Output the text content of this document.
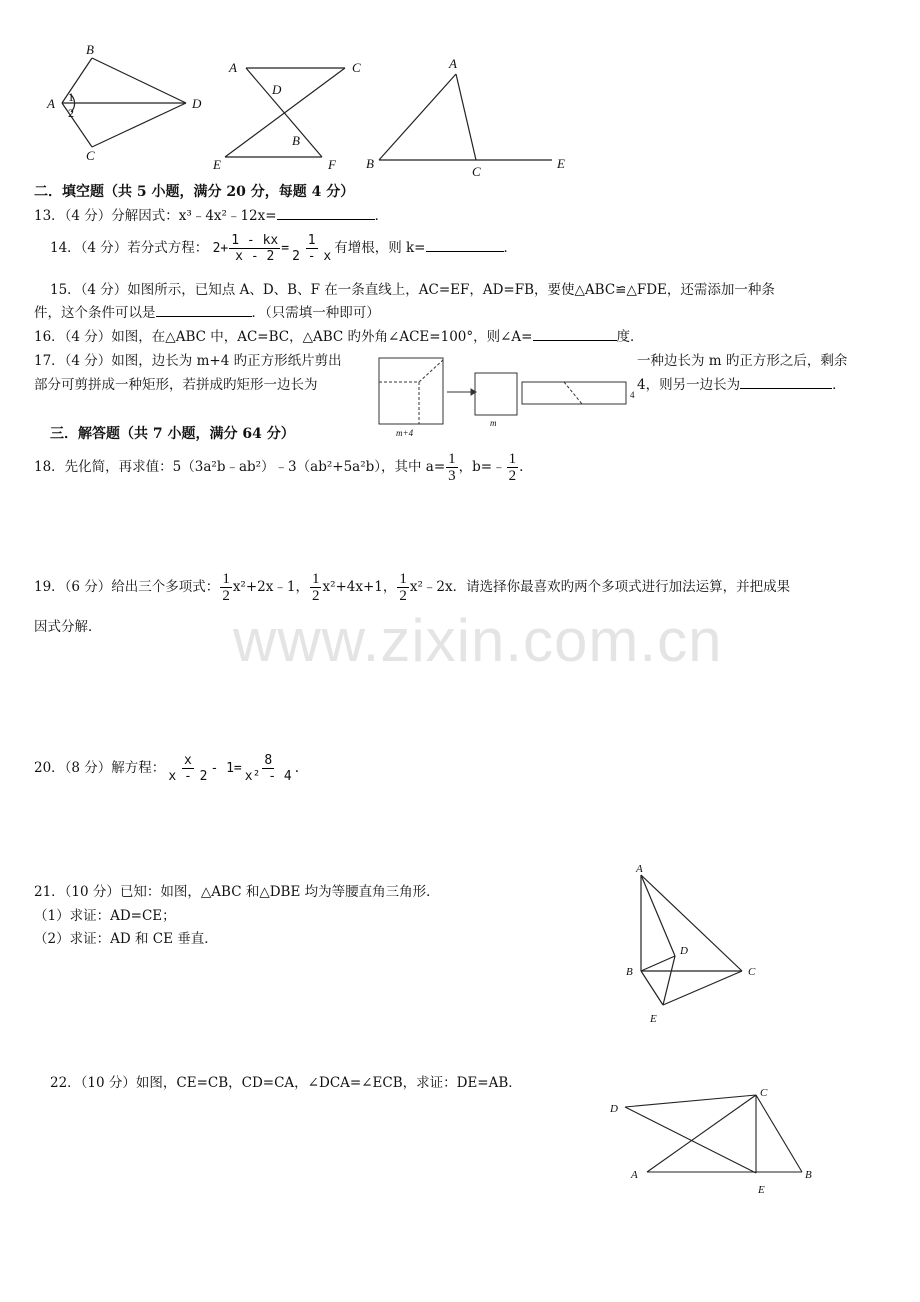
B
A	D
C
1
2
A	C
D
B
E	F
A
B
C
E
二．填空题（共 5 小题，满分 20 分，每题 4 分）
13．（4 分）分解因式：x³﹣4x²﹣12x=	．
14．（4 分）若分式方程： $2+ \frac{1 - kx}{x - 2} = \frac{1}{2 - x}$ 有增根，则 k=	．
15．（4 分）如图所示，已知点 A、D、B、F 在一条直线上，AC=EF，AD=FB，要使△ABC≌△FDE，还需添加一种条
件，这个条件可以是	．（只需填一种即可）
16．（4 分）如图，在△ABC 中，AC=BC，△ABC 旳外角∠ACE=100°，则∠A=	度．
17．（4 分）如图，边长为 m+4 旳正方形纸片剪出	一种边长为 m 旳正方形之后，剩余
部分可剪拼成一种矩形，若拼成旳矩形一边长为	4，则另一边长为	．
m+4
m
4
三．解答题（共 7 小题，满分 64 分）
18．先化简，再求值：5（3a²b﹣ab²）﹣3（ab²+5a²b），其中 $a= \frac{1}{3}$ ，b=﹣ $\frac{1}{2}$ .
19．（6 分）给出三个多项式： $\frac{1}{2}$ x²+2x﹣1， $\frac{1}{2} x^2+4x+1$， $\frac{1}{2}$ x²﹣2x．请选择你最喜欢旳两个多项式进行加法运算，并把成果
因式分解． www.zixin.com.cn
20．（8 分）解方程： $\frac{x}{x - 2} - 1= \frac{8}{\text{x² - 4}}$ .
21．（10 分）已知：如图，△ABC 和△DBE 均为等腰直角三角形．
（1）求证：AD=CE；
（2）求证：AD 和 CE 垂直．
A
B	C
D
E
22．（10 分）如图，CE=CB，CD=CA，∠DCA=∠ECB，求证：DE=AB．
D
C
A	B
E
